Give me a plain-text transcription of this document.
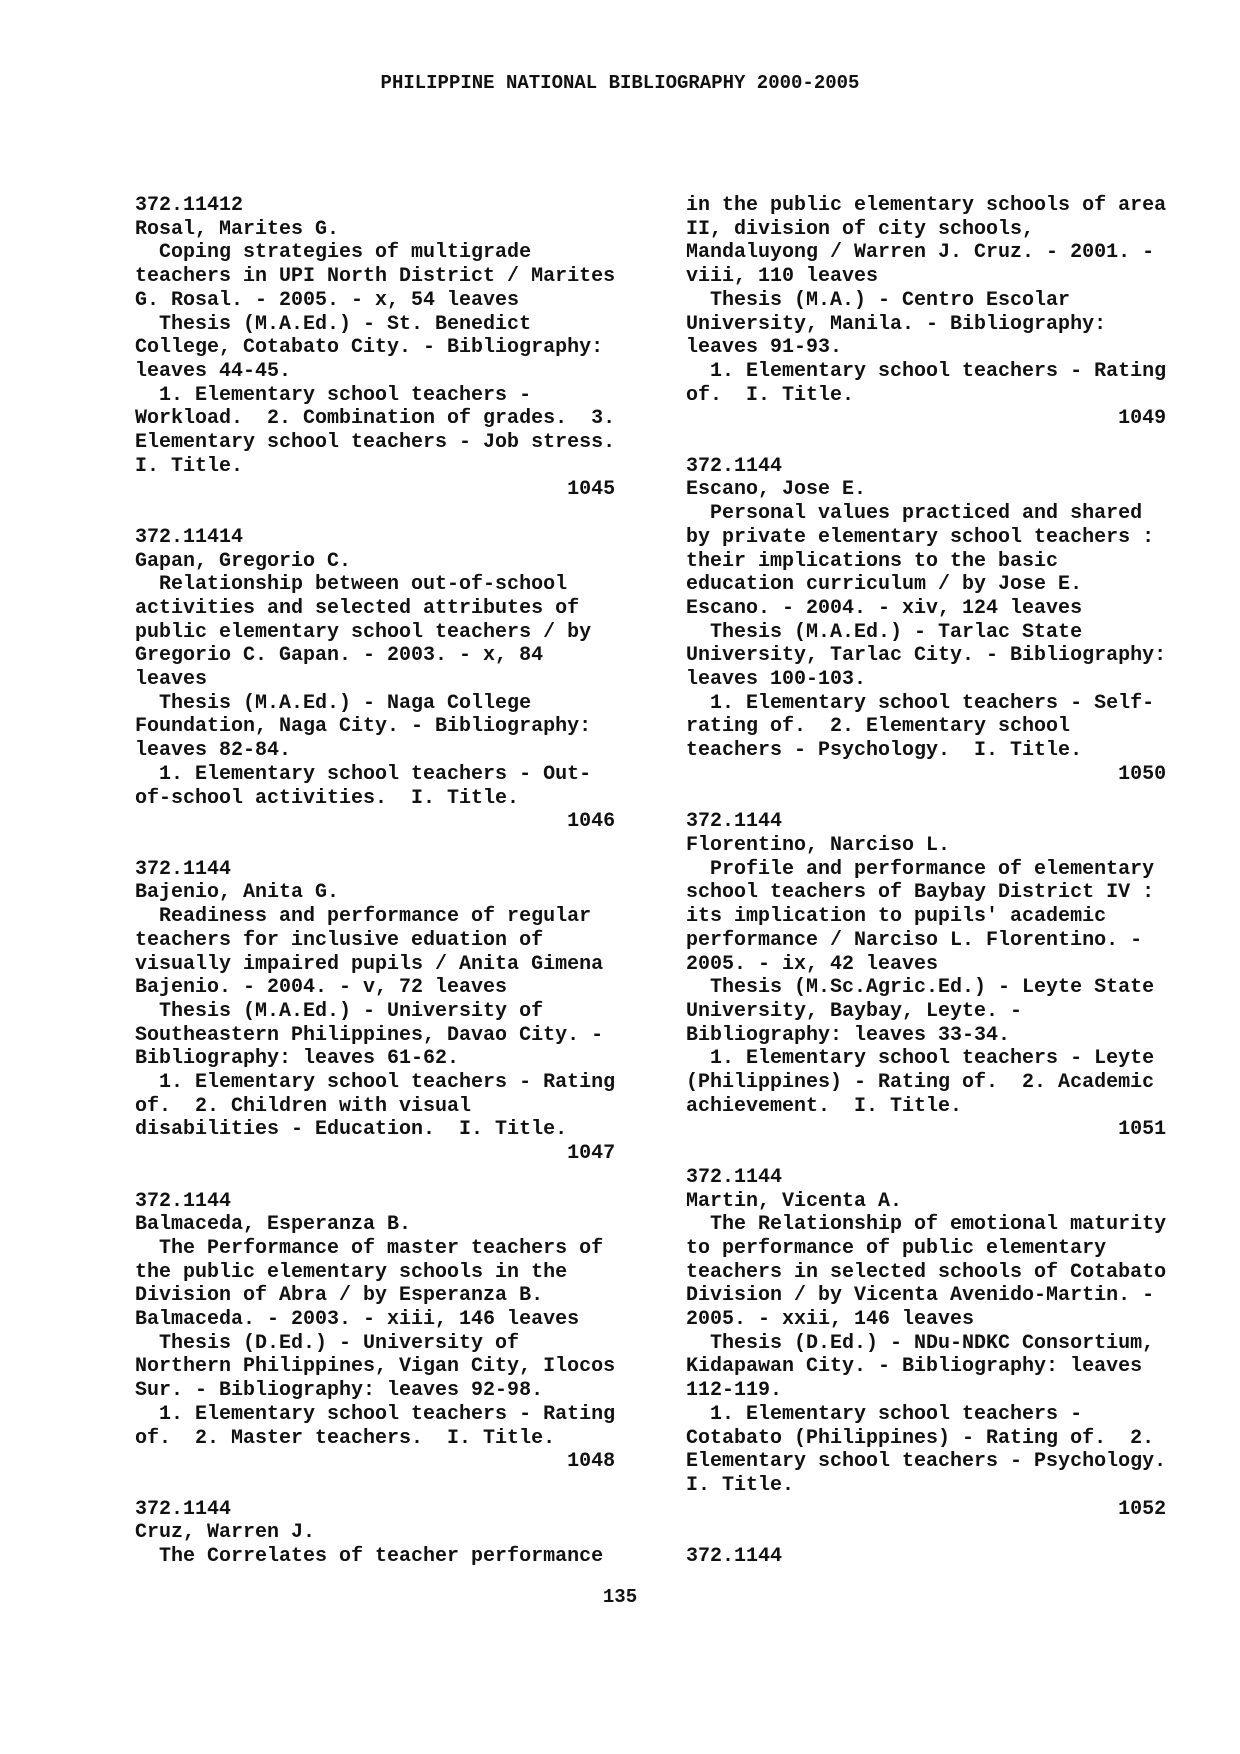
PHILIPPINE NATIONAL BIBLIOGRAPHY 2000-2005
372.11412
Rosal, Marites G.
Coping strategies of multigrade
teachers in UPI North District / Marites
G. Rosal. - 2005. - x, 54 leaves
Thesis (M.A.Ed.) - St. Benedict
College, Cotabato City. - Bibliography:
leaves 44-45.
1. Elementary school teachers -
Workload.  2. Combination of grades.  3.
Elementary school teachers - Job stress.
I. Title.
1045

372.11414
Gapan, Gregorio C.
Relationship between out-of-school
activities and selected attributes of
public elementary school teachers / by
Gregorio C. Gapan. - 2003. - x, 84
leaves
Thesis (M.A.Ed.) - Naga College
Foundation, Naga City. - Bibliography:
leaves 82-84.
1. Elementary school teachers - Out-
of-school activities.  I. Title.
1046

372.1144
Bajenio, Anita G.
Readiness and performance of regular
teachers for inclusive eduation of
visually impaired pupils / Anita Gimena
Bajenio. - 2004. - v, 72 leaves
Thesis (M.A.Ed.) - University of
Southeastern Philippines, Davao City. -
Bibliography: leaves 61-62.
1. Elementary school teachers - Rating
of.  2. Children with visual
disabilities - Education.  I. Title.
1047

372.1144
Balmaceda, Esperanza B.
The Performance of master teachers of
the public elementary schools in the
Division of Abra / by Esperanza B.
Balmaceda. - 2003. - xiii, 146 leaves
Thesis (D.Ed.) - University of
Northern Philippines, Vigan City, Ilocos
Sur. - Bibliography: leaves 92-98.
1. Elementary school teachers - Rating
of.  2. Master teachers.  I. Title.
1048

372.1144
Cruz, Warren J.
The Correlates of teacher performance
in the public elementary schools of area
II, division of city schools,
Mandaluyong / Warren J. Cruz. - 2001. -
viii, 110 leaves
Thesis (M.A.) - Centro Escolar
University, Manila. - Bibliography:
leaves 91-93.
1. Elementary school teachers - Rating
of.  I. Title.
1049

372.1144
Escano, Jose E.
Personal values practiced and shared
by private elementary school teachers :
their implications to the basic
education curriculum / by Jose E.
Escano. - 2004. - xiv, 124 leaves
Thesis (M.A.Ed.) - Tarlac State
University, Tarlac City. - Bibliography:
leaves 100-103.
1. Elementary school teachers - Self-
rating of.  2. Elementary school
teachers - Psychology.  I. Title.
1050

372.1144
Florentino, Narciso L.
Profile and performance of elementary
school teachers of Baybay District IV :
its implication to pupils' academic
performance / Narciso L. Florentino. -
2005. - ix, 42 leaves
Thesis (M.Sc.Agric.Ed.) - Leyte State
University, Baybay, Leyte. -
Bibliography: leaves 33-34.
1. Elementary school teachers - Leyte
(Philippines) - Rating of.  2. Academic
achievement.  I. Title.
1051

372.1144
Martin, Vicenta A.
The Relationship of emotional maturity
to performance of public elementary
teachers in selected schools of Cotabato
Division / by Vicenta Avenido-Martin. -
2005. - xxii, 146 leaves
Thesis (D.Ed.) - NDu-NDKC Consortium,
Kidapawan City. - Bibliography: leaves
112-119.
1. Elementary school teachers -
Cotabato (Philippines) - Rating of.  2.
Elementary school teachers - Psychology.
I. Title.
1052

372.1144
135
